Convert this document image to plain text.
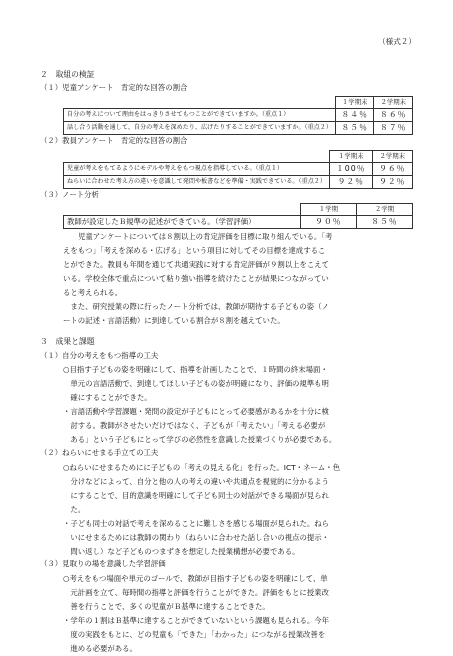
（様式２）
２　取組の検証
（１）児童アンケート　肯定的な回答の割合
	１学期末	２学期末
自分の考えについて理由をはっきりさせてもつことができていますか。（重点１）	８４％	８６％
話し合う活動を通して、自分の考えを深めたり、広げたりすることができていますか。（重点２）	８５％	８７％
（２）教員アンケート　肯定的な回答の割合
	１学期末	２学期末
児童が考えをもてるようにモデルや考えをもつ視点を指導している。（重点１）	１00％	９６％
ねらいに合わせた考え方の違いを意識して発問や板書などを準備・実践できている。（重点２）	９２％	９２％
（３）ノート分析
	１学期	２学期
教師が設定したＢ規準の記述ができている。（学習評価）	９０％	８５％
児童アンケートについては８割以上の肯定評価を目標に取り組んでいる。「考
えをもつ」「考えを深める・広げる」という項目に対してその目標を達成するこ
とができた。教員も年間を通じて共通実践に対する肯定評価が９割以上をこえて
いる。学校全体で重点について粘り強い指導を続けたことが結果につながってい
ると考えられる。
　また、研究授業の際に行ったノート分析では、教師が期待する子どもの姿（ノ
ートの記述・言語活動）に到達している割合が８割を越えていた。
３　成果と課題
（１）自分の考えをもつ指導の工夫
○目指す子どもの姿を明確にして、指導を計画したことで、１時間の終末場面・
　単元の言語活動で、到達してほしい子どもの姿が明確になり、評価の規準も明
　確にすることができた。
・言語活動や学習課題・発問の設定が子どもにとって必要感があるかを十分に検
　討する。教師がさせたいだけではなく、子どもが「考えたい」「考える必要が
　ある」という子どもにとって学びの必然性を意識した授業づくりが必要である。
（２）ねらいにせまる手立ての工夫
○ねらいにせまるためにに子どもの「考えの見える化」を行った。ICT・ネーム・色
　分けなどによって、自分と他の人の考えの違いや共通点を視覚的に分かるよう
　にすることで、目的意識を明確にして子ども同士の対話ができる場面が見られ
　た。
・子ども同士の対話で考えを深めることに難しさを感じる場面が見られた。ねら
　いにせまるためには教師の関わり（ねらいに合わせた話し合いの視点の提示・
　問い返し）など子どものつまずきを想定した授業構想が必要である。
（３）見取りの場を意識した学習評価
○考えをもつ場面や単元のゴールで、教師が目指す子どもの姿を明確にして、単
　元計画を立て、毎時間の指導と評価を行うことができた。評価をもとに授業改
　善を行うことで、多くの児童がＢ基準に達することできた。
・学年の１割はＢ基準に達することができていないという課題も見られる。今年
　度の実践をもとに、どの児童も「できた」「わかった」につながる授業改善を
　進める必要がある。
